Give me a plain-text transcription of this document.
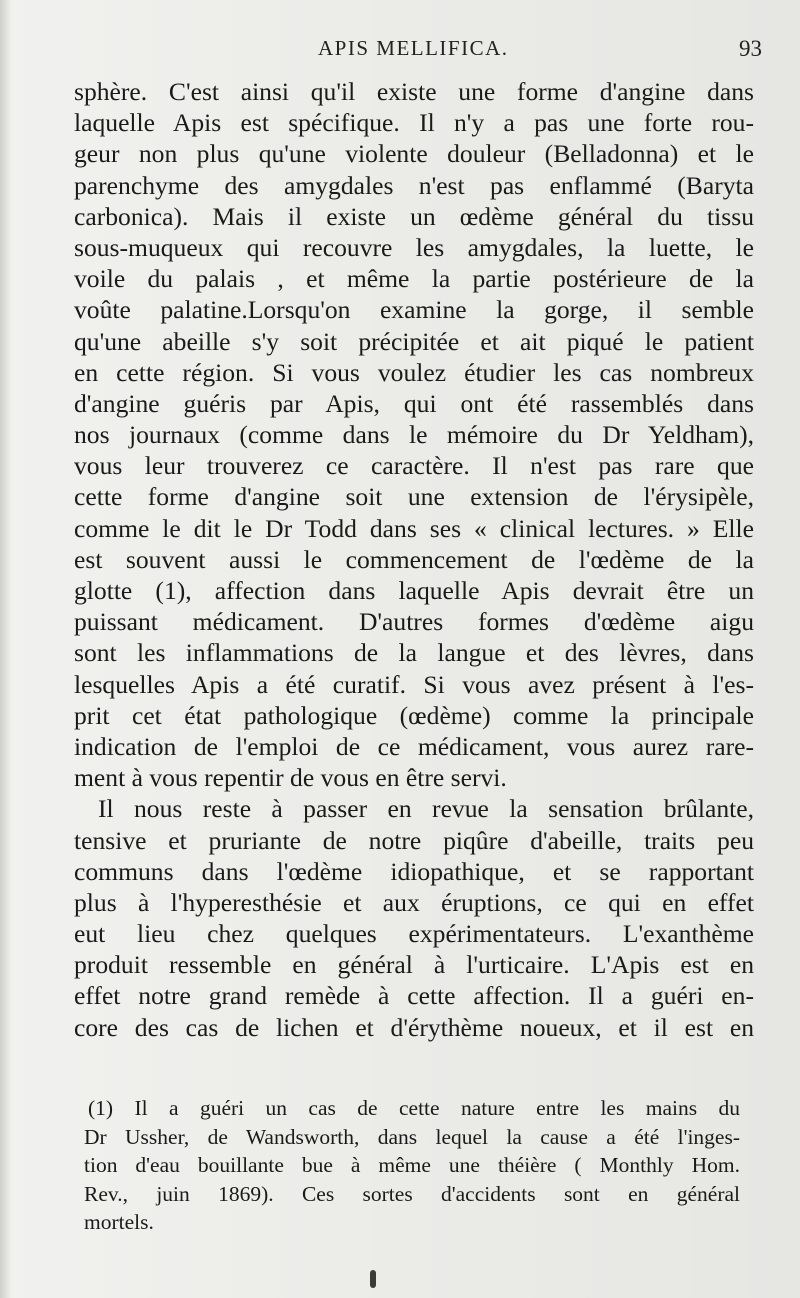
APIS MELLIFICA.	93
sphère. C'est ainsi qu'il existe une forme d'angine dans
laquelle Apis est spécifique. Il n'y a pas une forte rou-
geur non plus qu'une violente douleur (Belladonna) et le
parenchyme des amygdales n'est pas enflammé (Baryta
carbonica). Mais il existe un œdème général du tissu
sous-muqueux qui recouvre les amygdales, la luette, le
voile du palais , et même la partie postérieure de la
voûte palatine.Lorsqu'on examine la gorge, il semble
qu'une abeille s'y soit précipitée et ait piqué le patient
en cette région. Si vous voulez étudier les cas nombreux
d'angine guéris par Apis, qui ont été rassemblés dans
nos journaux (comme dans le mémoire du Dr Yeldham),
vous leur trouverez ce caractère. Il n'est pas rare que
cette forme d'angine soit une extension de l'érysipèle,
comme le dit le Dr Todd dans ses « clinical lectures. » Elle
est souvent aussi le commencement de l'œdème de la
glotte (1), affection dans laquelle Apis devrait être un
puissant médicament. D'autres formes d'œdème aigu
sont les inflammations de la langue et des lèvres, dans
lesquelles Apis a été curatif. Si vous avez présent à l'es-
prit cet état pathologique (œdème) comme la principale
indication de l'emploi de ce médicament, vous aurez rare-
ment à vous repentir de vous en être servi.
Il nous reste à passer en revue la sensation brûlante,
tensive et pruriante de notre piqûre d'abeille, traits peu
communs dans l'œdème idiopathique, et se rapportant
plus à l'hyperesthésie et aux éruptions, ce qui en effet
eut lieu chez quelques expérimentateurs. L'exanthème
produit ressemble en général à l'urticaire. L'Apis est en
effet notre grand remède à cette affection. Il a guéri en-
core des cas de lichen et d'érythème noueux, et il est en
(1) Il a guéri un cas de cette nature entre les mains du
Dr Ussher, de Wandsworth, dans lequel la cause a été l'inges-
tion d'eau bouillante bue à même une théière ( Monthly Hom.
Rev., juin 1869). Ces sortes d'accidents sont en général
mortels.
